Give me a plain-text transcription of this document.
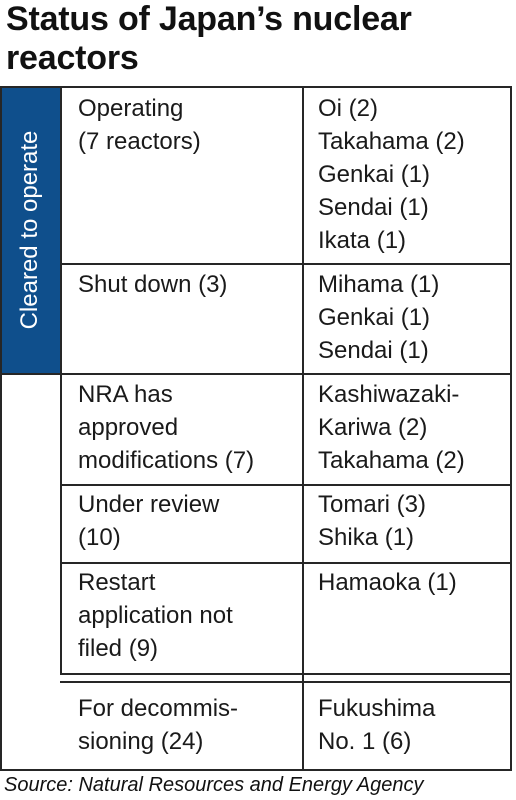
Status of Japan’s nuclear reactors
Cleared to operate
Operating
(7 reactors)
Oi (2)
Takahama (2)
Genkai (1)
Sendai (1)
Ikata (1)
Shut down (3)	Mihama (1)
Genkai (1)
Sendai (1)
NRA has
approved
modifications (7)
Kashiwazaki-
Kariwa (2)
Takahama (2)
Under review
(10)
Tomari (3)
Shika (1)
Restart
application not
filed (9)
Hamaoka (1)
For decommis-
sioning (24)
Fukushima
No. 1 (6)
Source: Natural Resources and Energy Agency
